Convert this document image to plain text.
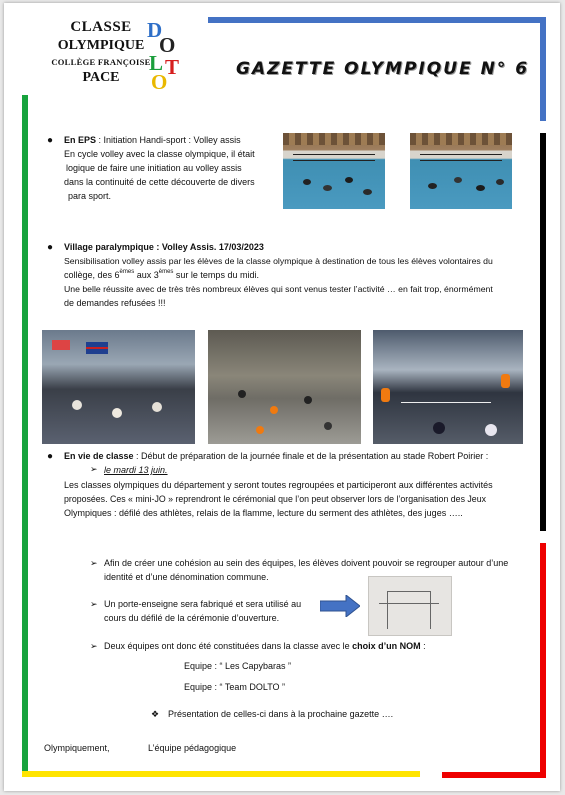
CLASSE
OLYMPIQUE
COLLÈGE FRANÇOISE
PACE
D
O
L T
O
GAZETTE OLYMPIQUE N° 6
● En EPS : Initiation Handi-sport : Volley assis
En cycle volley avec la classe olympique, il était
logique de faire une initiation au volley assis
dans la continuité de cette découverte de divers
para sport.
● Village paralympique : Volley Assis. 17/03/2023
Sensibilisation volley assis par les élèves de la classe olympique à destination de tous les élèves volontaires du
collège, des 6èmes aux 3èmes sur le temps du midi.
Une belle réussite avec de très très nombreux élèves qui sont venus tester l’activité … en fait trop, énormément
de demandes refusées !!!
● En vie de classe : Début de préparation de la journée finale et de la présentation au stade Robert Poirier :
➢ le mardi 13 juin.
Les classes olympiques du département y seront toutes regroupées et participeront aux différentes activités
proposées. Ces « mini-JO » reprendront le cérémonial que l’on peut observer lors de l’organisation des Jeux
Olympiques : défilé des athlètes, relais de la flamme, lecture du serment des athlètes, des juges …..
➢ Afin de créer une cohésion au sein des équipes, les élèves doivent pouvoir se regrouper autour d’une
identité et d’une dénomination commune.
➢ Un porte-enseigne sera fabriqué et sera utilisé au
cours du défilé de la cérémonie d’ouverture.
➢ Deux équipes ont donc été constituées dans la classe avec le choix d’un NOM :
Equipe : “ Les Capybaras ”
Equipe : “ Team DOLTO ”
❖ Présentation de celles-ci dans à la prochaine gazette ….
Olympiquement,	L’équipe pédagogique
